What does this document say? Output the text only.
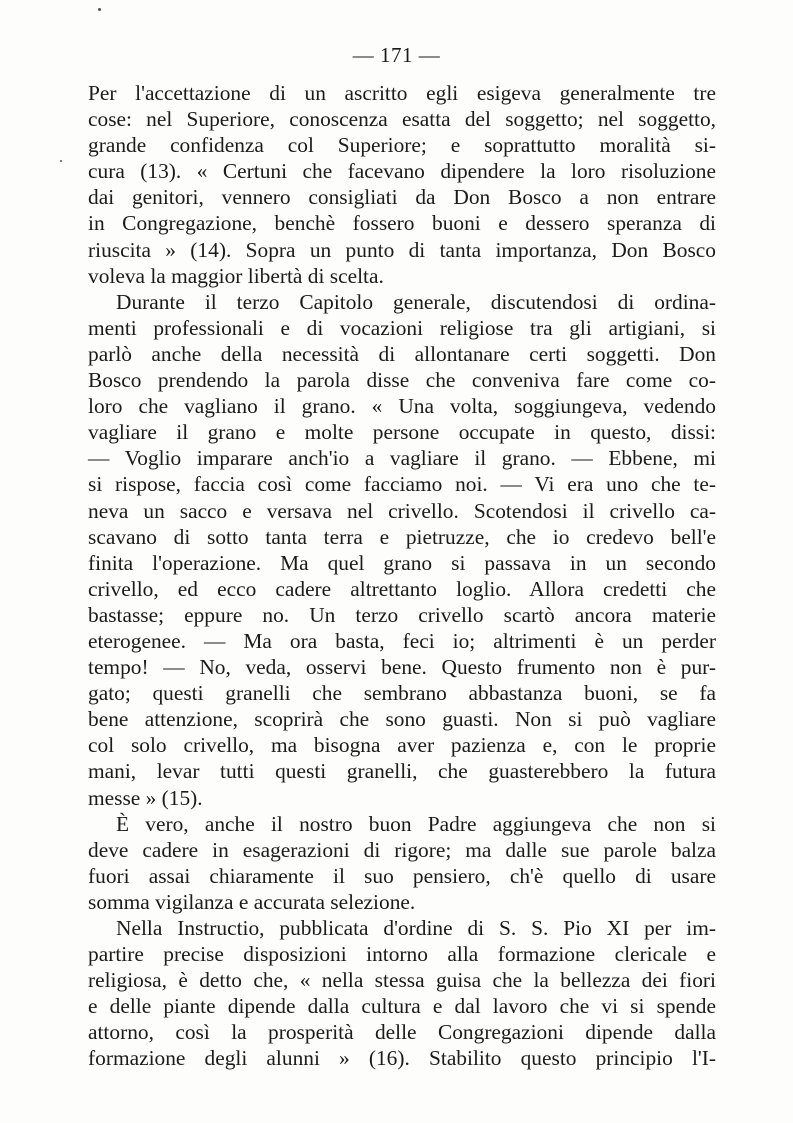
— 171 —
Per l'accettazione di un ascritto egli esigeva generalmente tre
cose: nel Superiore, conoscenza esatta del soggetto; nel soggetto,
grande confidenza col Superiore; e soprattutto moralità si-
cura (13). « Certuni che facevano dipendere la loro risoluzione
dai genitori, vennero consigliati da Don Bosco a non entrare
in Congregazione, benchè fossero buoni e dessero speranza di
riuscita » (14). Sopra un punto di tanta importanza, Don Bosco
voleva la maggior libertà di scelta.
Durante il terzo Capitolo generale, discutendosi di ordina-
menti professionali e di vocazioni religiose tra gli artigiani, si
parlò anche della necessità di allontanare certi soggetti. Don
Bosco prendendo la parola disse che conveniva fare come co-
loro che vagliano il grano. « Una volta, soggiungeva, vedendo
vagliare il grano e molte persone occupate in questo, dissi:
— Voglio imparare anch'io a vagliare il grano. — Ebbene, mi
si rispose, faccia così come facciamo noi. — Vi era uno che te-
neva un sacco e versava nel crivello. Scotendosi il crivello ca-
scavano di sotto tanta terra e pietruzze, che io credevo bell'e
finita l'operazione. Ma quel grano si passava in un secondo
crivello, ed ecco cadere altrettanto loglio. Allora credetti che
bastasse; eppure no. Un terzo crivello scartò ancora materie
eterogenee. — Ma ora basta, feci io; altrimenti è un perder
tempo! — No, veda, osservi bene. Questo frumento non è pur-
gato; questi granelli che sembrano abbastanza buoni, se fa
bene attenzione, scoprirà che sono guasti. Non si può vagliare
col solo crivello, ma bisogna aver pazienza e, con le proprie
mani, levar tutti questi granelli, che guasterebbero la futura
messe » (15).
È vero, anche il nostro buon Padre aggiungeva che non si
deve cadere in esagerazioni di rigore; ma dalle sue parole balza
fuori assai chiaramente il suo pensiero, ch'è quello di usare
somma vigilanza e accurata selezione.
Nella Instructio, pubblicata d'ordine di S. S. Pio XI per im-
partire precise disposizioni intorno alla formazione clericale e
religiosa, è detto che, « nella stessa guisa che la bellezza dei fiori
e delle piante dipende dalla cultura e dal lavoro che vi si spende
attorno, così la prosperità delle Congregazioni dipende dalla
formazione degli alunni » (16). Stabilito questo principio l'I-
